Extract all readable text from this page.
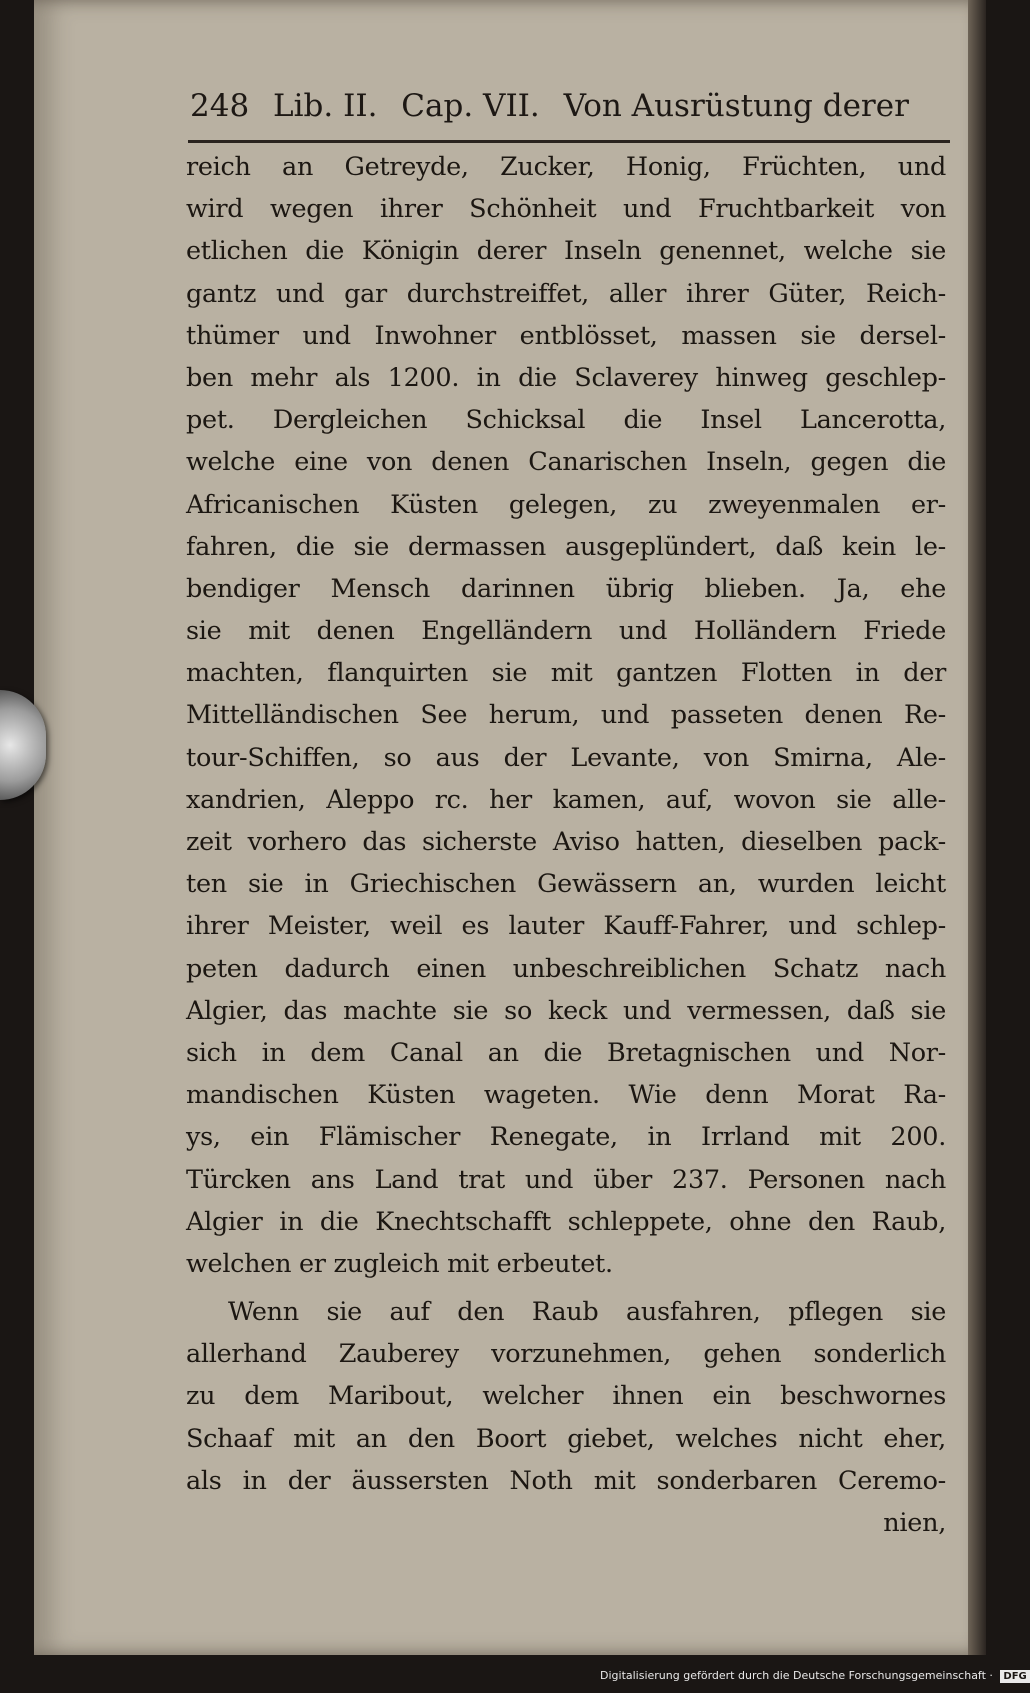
248 Lib. II. Cap. VII. Von Ausrüstung derer
reich an Getreyde, Zucker, Honig, Früchten, und
wird wegen ihrer Schönheit und Fruchtbarkeit von
etlichen die Königin derer Inseln genennet, welche sie
gantz und gar durchstreiffet, aller ihrer Güter, Reich-
thümer und Inwohner entblösset, massen sie dersel-
ben mehr als 1200. in die Sclaverey hinweg geschlep-
pet. Dergleichen Schicksal die Insel Lancerotta,
welche eine von denen Canarischen Inseln, gegen die
Africanischen Küsten gelegen, zu zweyenmalen er-
fahren, die sie dermassen ausgeplündert, daß kein le-
bendiger Mensch darinnen übrig blieben. Ja, ehe
sie mit denen Engelländern und Holländern Friede
machten, flanquirten sie mit gantzen Flotten in der
Mittelländischen See herum, und passeten denen Re-
tour-Schiffen, so aus der Levante, von Smirna, Ale-
xandrien, Aleppo rc. her kamen, auf, wovon sie alle-
zeit vorhero das sicherste Aviso hatten, dieselben pack-
ten sie in Griechischen Gewässern an, wurden leicht
ihrer Meister, weil es lauter Kauff-Fahrer, und schlep-
peten dadurch einen unbeschreiblichen Schatz nach
Algier, das machte sie so keck und vermessen, daß sie
sich in dem Canal an die Bretagnischen und Nor-
mandischen Küsten wageten. Wie denn Morat Ra-
ys, ein Flämischer Renegate, in Irrland mit 200.
Türcken ans Land trat und über 237. Personen nach
Algier in die Knechtschafft schleppete, ohne den Raub,
welchen er zugleich mit erbeutet.
Wenn sie auf den Raub ausfahren, pflegen sie
allerhand Zauberey vorzunehmen, gehen sonderlich
zu dem Maribout, welcher ihnen ein beschwornes
Schaaf mit an den Boort giebet, welches nicht eher,
als in der äussersten Noth mit sonderbaren Ceremo-
nien,
Digitalisierung gefördert durch die Deutsche Forschungsgemeinschaft · DFG
